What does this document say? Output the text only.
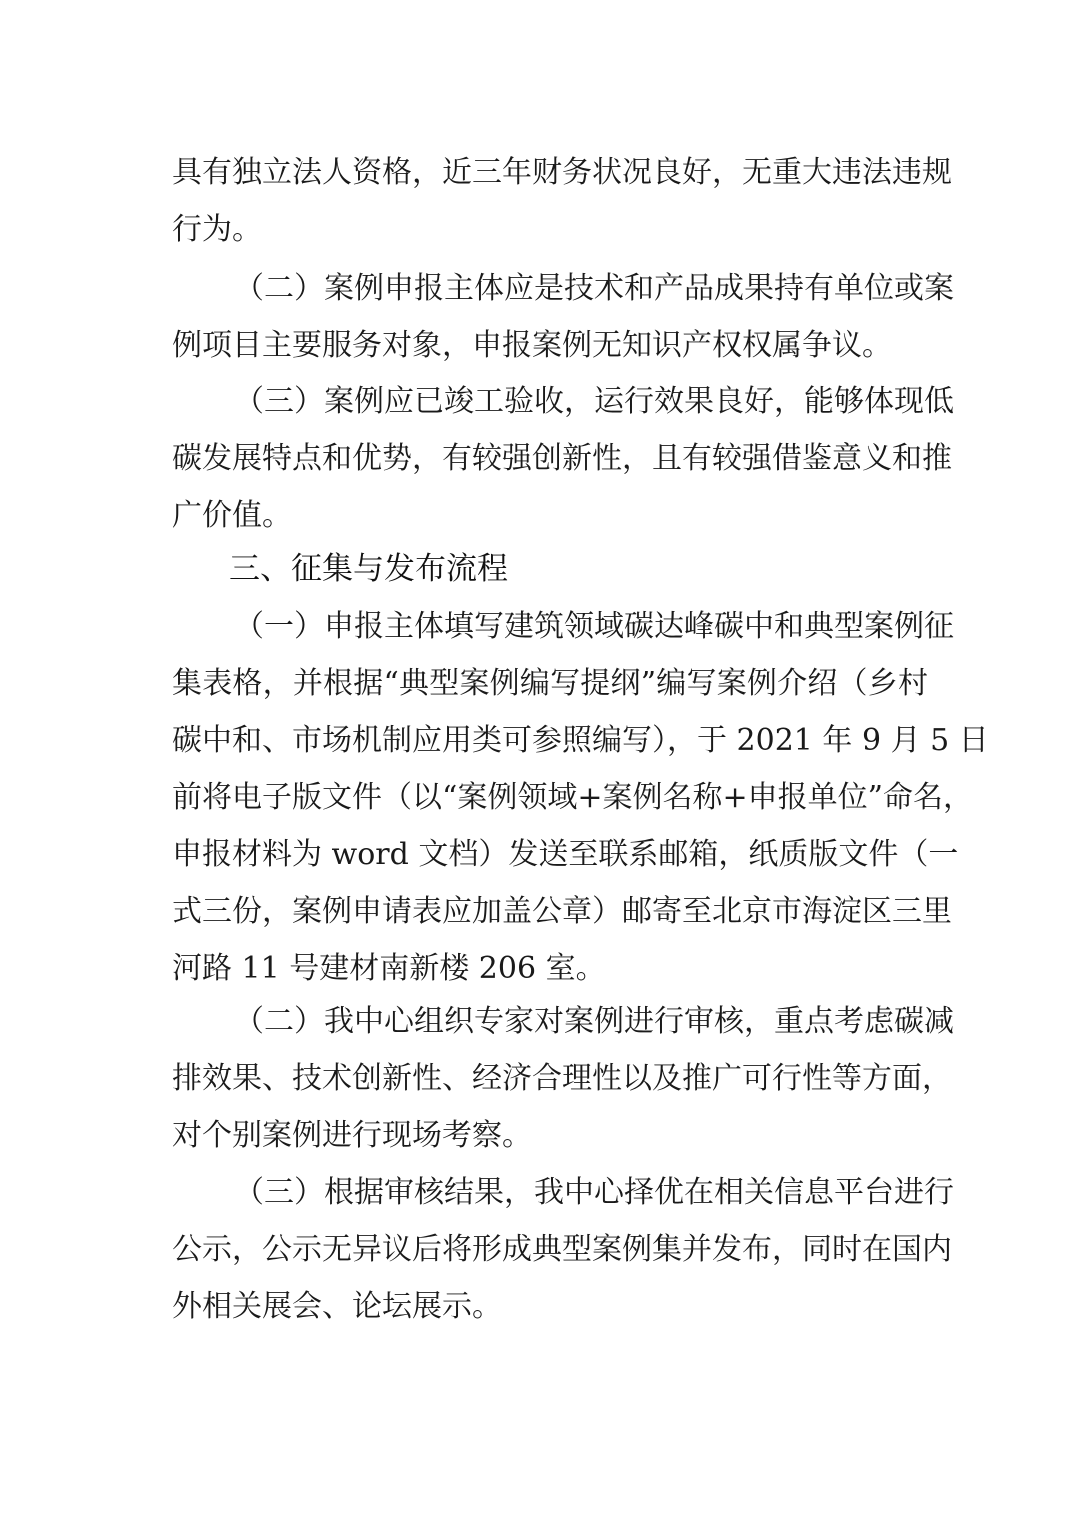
具有独立法人资格，近三年财务状况良好，无重大违法违规
行为。
（二）案例申报主体应是技术和产品成果持有单位或案
例项目主要服务对象，申报案例无知识产权权属争议。
（三）案例应已竣工验收，运行效果良好，能够体现低
碳发展特点和优势，有较强创新性，且有较强借鉴意义和推
广价值。
三、征集与发布流程
（一）申报主体填写建筑领域碳达峰碳中和典型案例征
集表格，并根据“典型案例编写提纲”编写案例介绍（乡村
碳中和、市场机制应用类可参照编写），于 2021 年 9 月 5 日
前将电子版文件（以“案例领域+案例名称+申报单位”命名，
申报材料为 word 文档）发送至联系邮箱，纸质版文件（一
式三份，案例申请表应加盖公章）邮寄至北京市海淀区三里
河路 11 号建材南新楼 206 室。
（二）我中心组织专家对案例进行审核，重点考虑碳减
排效果、技术创新性、经济合理性以及推广可行性等方面，
对个别案例进行现场考察。
（三）根据审核结果，我中心择优在相关信息平台进行
公示，公示无异议后将形成典型案例集并发布，同时在国内
外相关展会、论坛展示。
